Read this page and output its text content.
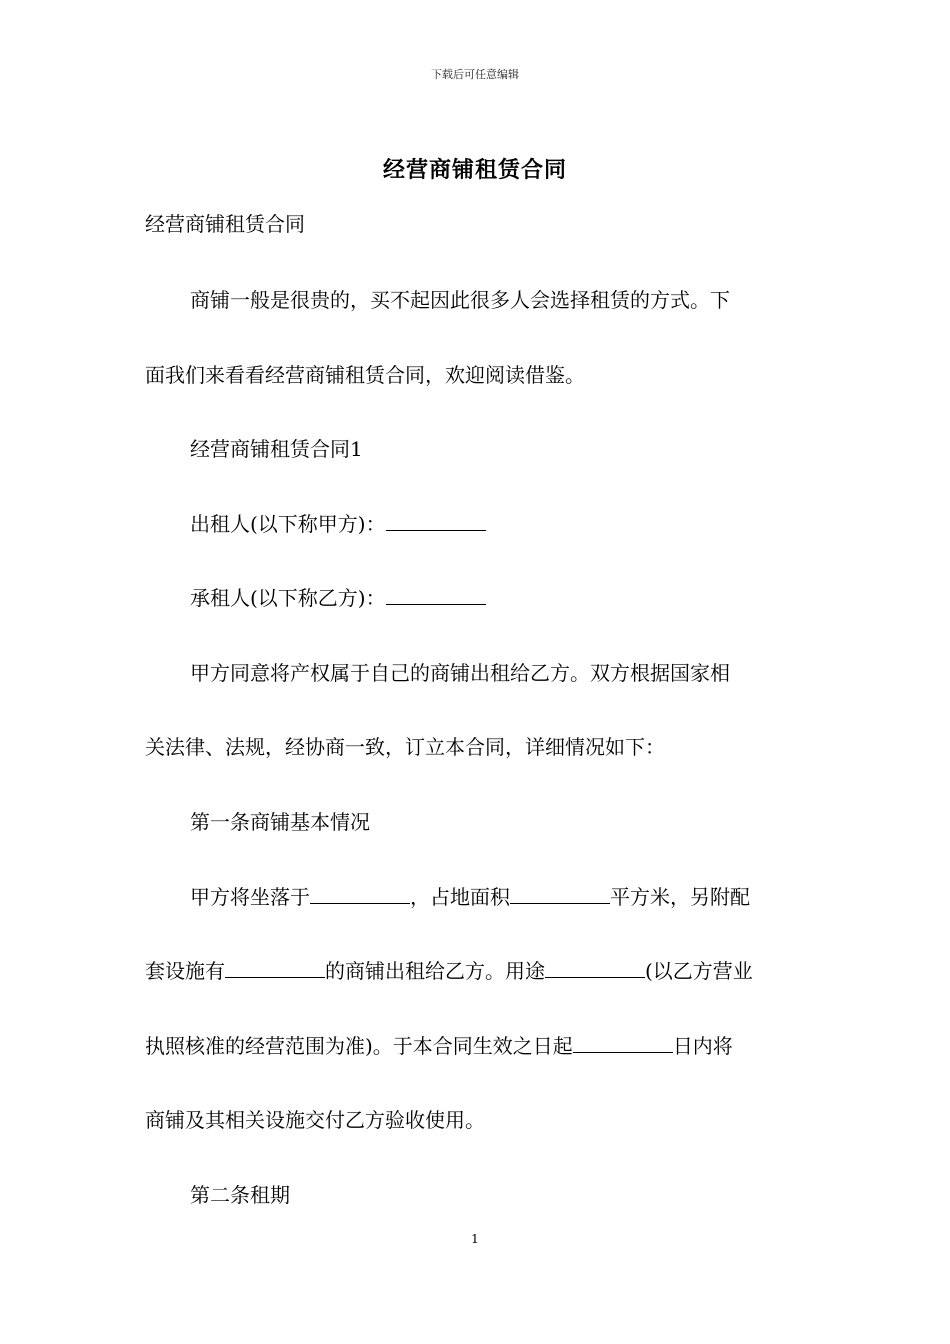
下载后可任意编辑
经营商铺租赁合同
经营商铺租赁合同
商铺一般是很贵的，买不起因此很多人会选择租赁的方式。下
面我们来看看经营商铺租赁合同，欢迎阅读借鉴。
经营商铺租赁合同1
出租人(以下称甲方)：
承租人(以下称乙方)：
甲方同意将产权属于自己的商铺出租给乙方。双方根据国家相
关法律、法规，经协商一致，订立本合同，详细情况如下：
第一条商铺基本情况
甲方将坐落于	，占地面积	平方米，另附配
套设施有	的商铺出租给乙方。用途	(以乙方营业
执照核准的经营范围为准)。于本合同生效之日起	日内将
商铺及其相关设施交付乙方验收使用。
第二条租期
1
